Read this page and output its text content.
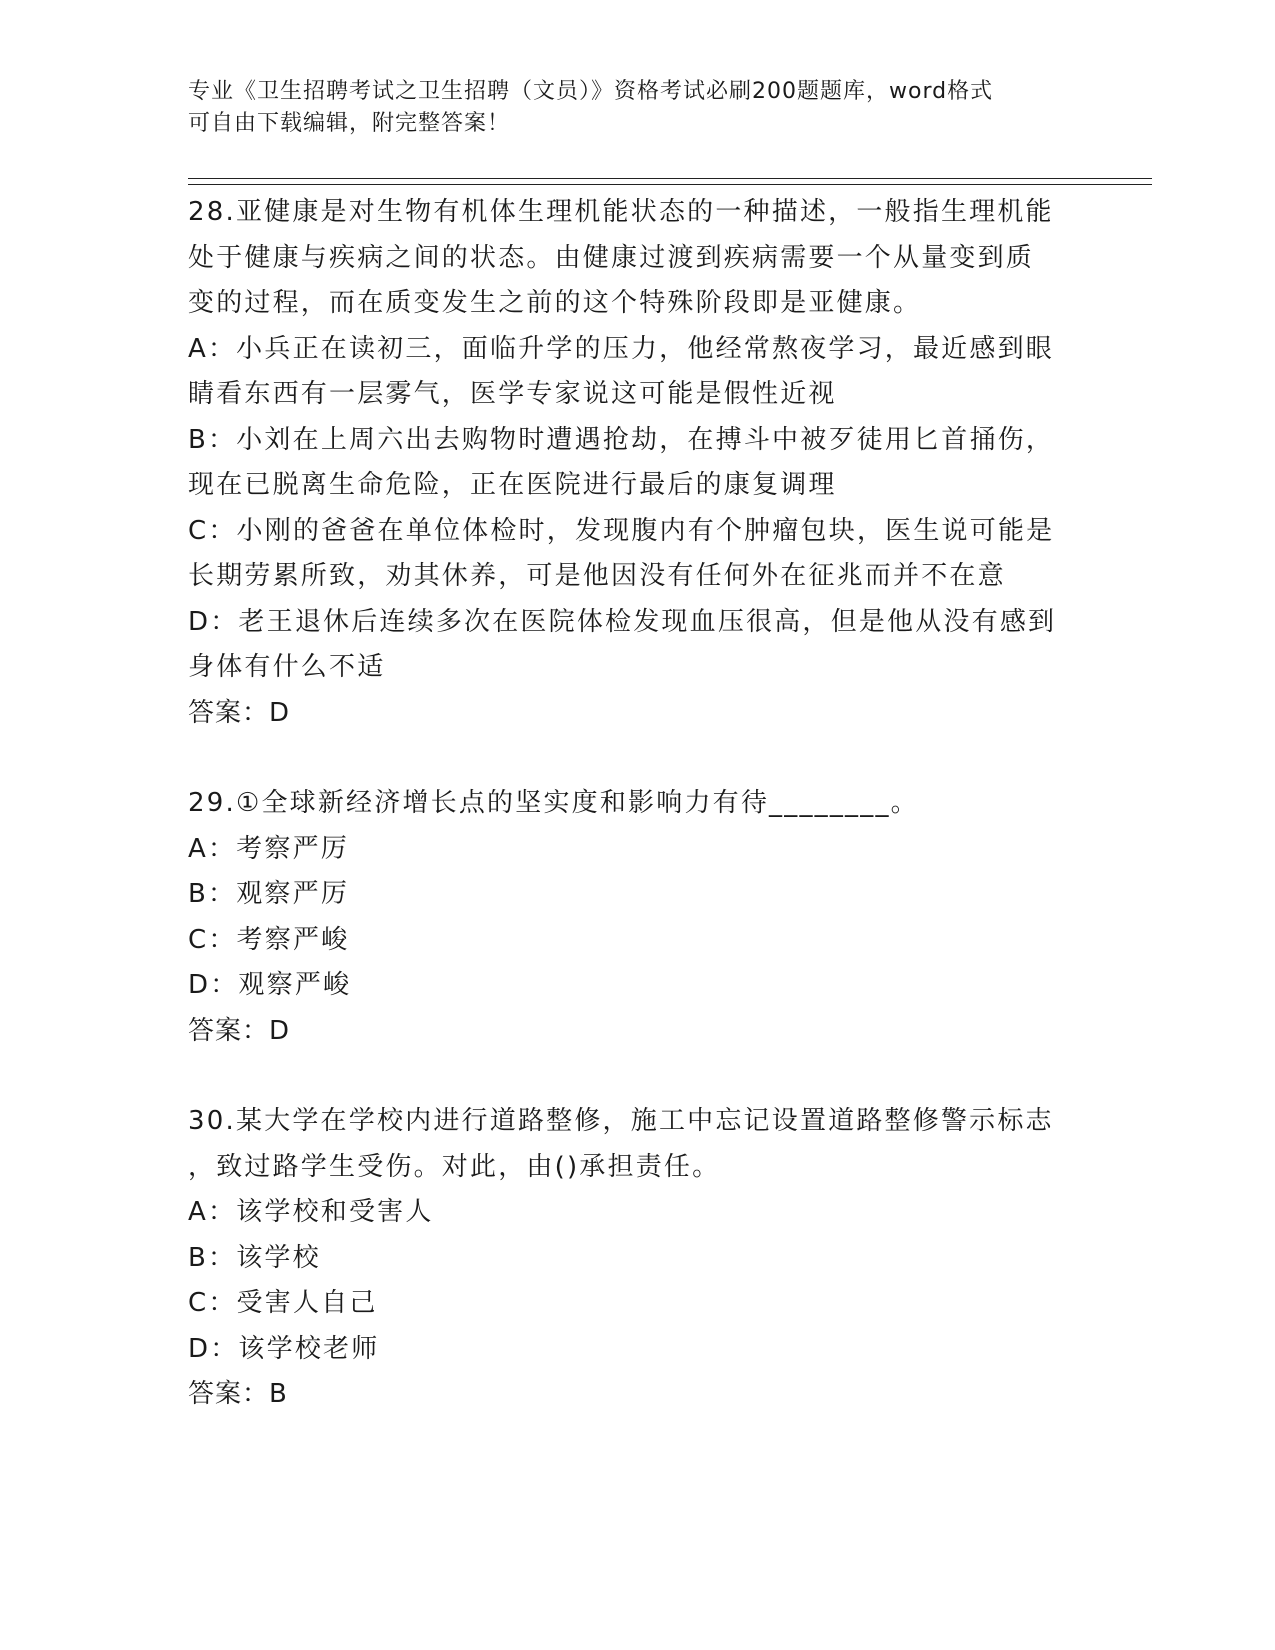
专业《卫生招聘考试之卫生招聘（文员）》资格考试必刷200题题库，word格式
可自由下载编辑，附完整答案！
28.亚健康是对生物有机体生理机能状态的一种描述，一般指生理机能
处于健康与疾病之间的状态。由健康过渡到疾病需要一个从量变到质
变的过程，而在质变发生之前的这个特殊阶段即是亚健康。
A：小兵正在读初三，面临升学的压力，他经常熬夜学习，最近感到眼
睛看东西有一层雾气，医学专家说这可能是假性近视
B：小刘在上周六出去购物时遭遇抢劫，在搏斗中被歹徒用匕首捅伤，
现在已脱离生命危险，正在医院进行最后的康复调理
C：小刚的爸爸在单位体检时，发现腹内有个肿瘤包块，医生说可能是
长期劳累所致，劝其休养，可是他因没有任何外在征兆而并不在意
D：老王退休后连续多次在医院体检发现血压很高，但是他从没有感到
身体有什么不适
答案：D
29.①全球新经济增长点的坚实度和影响力有待________。
A：考察严厉
B：观察严厉
C：考察严峻
D：观察严峻
答案：D
30.某大学在学校内进行道路整修，施工中忘记设置道路整修警示标志
，致过路学生受伤。对此，由()承担责任。
A：该学校和受害人
B：该学校
C：受害人自己
D：该学校老师
答案：B
